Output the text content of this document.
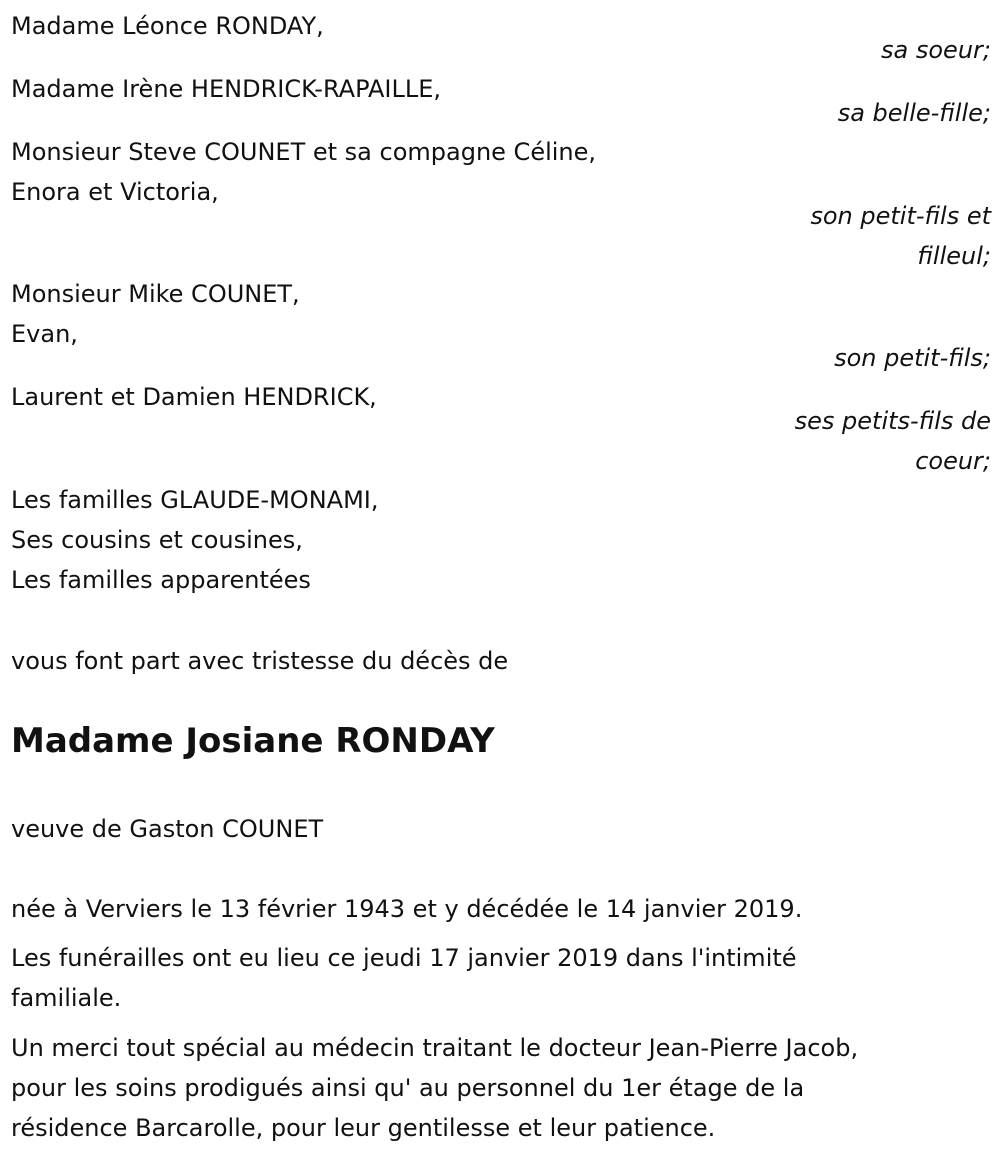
Madame Léonce RONDAY,
sa soeur;
Madame Irène HENDRICK-RAPAILLE,
sa belle-fille;
Monsieur Steve COUNET et sa compagne Céline,
Enora et Victoria,
son petit-fils et
filleul;
Monsieur Mike COUNET,
Evan,
son petit-fils;
Laurent et Damien HENDRICK,
ses petits-fils de
coeur;
Les familles GLAUDE-MONAMI,
Ses cousins et cousines,
Les familles apparentées
vous font part avec tristesse du décès de
Madame Josiane RONDAY
veuve de Gaston COUNET
née à Verviers le 13 février 1943 et y décédée le 14 janvier 2019.
Les funérailles ont eu lieu ce jeudi 17 janvier 2019 dans l'intimité
familiale.
Un merci tout spécial au médecin traitant le docteur Jean-Pierre Jacob,
pour les soins prodigués ainsi qu' au personnel du 1er étage de la
résidence Barcarolle, pour leur gentilesse et leur patience.
